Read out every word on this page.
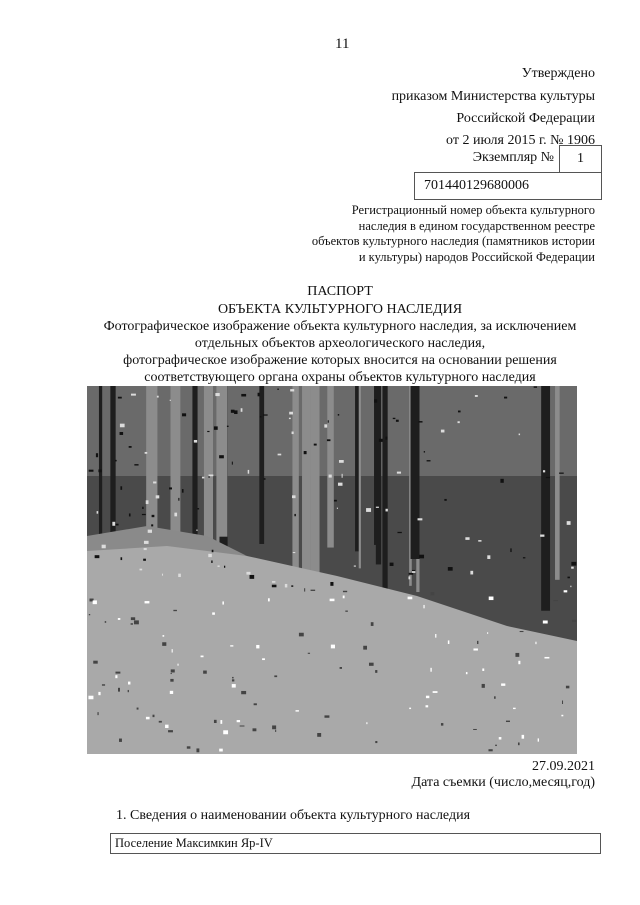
11
Утверждено
приказом Министерства культуры
Российской Федерации
от 2 июля 2015 г. № 1906
Экземпляр №	1
701440129680006
Регистрационный номер объекта культурного
наследия в едином государственном реестре
объектов культурного наследия (памятников истории
и культуры) народов Российской Федерации
ПАСПОРТ
ОБЪЕКТА КУЛЬТУРНОГО НАСЛЕДИЯ
Фотографическое изображение объекта культурного наследия, за исключением
отдельных объектов археологического наследия,
фотографическое изображение которых вносится на основании решения
соответствующего органа охраны объектов культурного наследия
27.09.2021
Дата съемки (число,месяц,год)
1. Сведения о наименовании объекта культурного наследия
Поселение Максимкин Яр-IV
